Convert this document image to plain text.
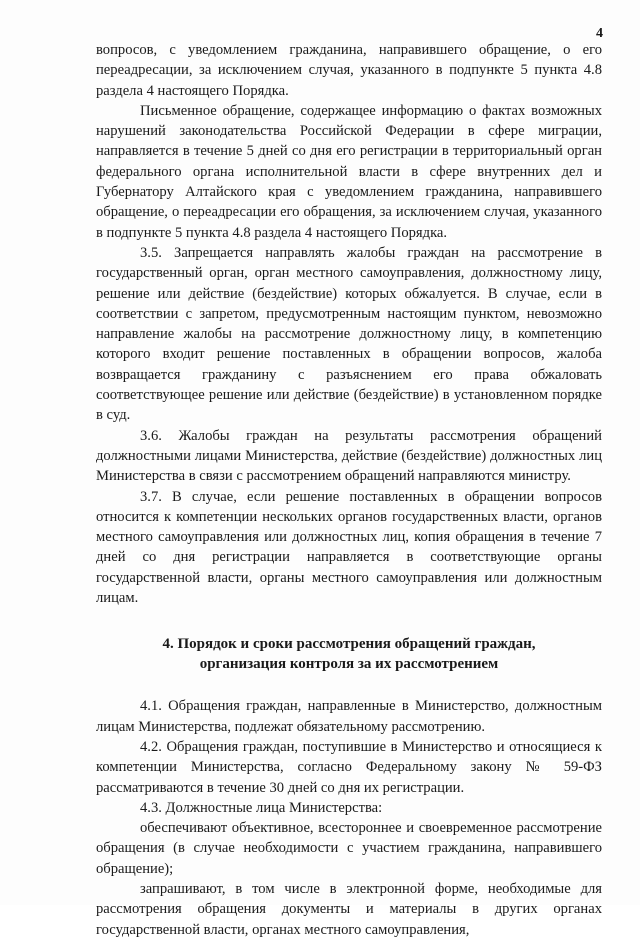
4

вопросов, с уведомлением гражданина, направившего обращение, о его переадресации, за исключением случая, указанного в подпункте 5 пункта 4.8 раздела 4 настоящего Порядка.

Письменное обращение, содержащее информацию о фактах возможных нарушений законодательства Российской Федерации в сфере миграции, направляется в течение 5 дней со дня его регистрации в территориальный орган федерального органа исполнительной власти в сфере внутренних дел и Губернатору Алтайского края с уведомлением гражданина, направившего обращение, о переадресации его обращения, за исключением случая, указанного в подпункте 5 пункта 4.8 раздела 4 настоящего Порядка.

3.5. Запрещается направлять жалобы граждан на рассмотрение в государственный орган, орган местного самоуправления, должностному лицу, решение или действие (бездействие) которых обжалуется. В случае, если в соответствии с запретом, предусмотренным настоящим пунктом, невозможно направление жалобы на рассмотрение должностному лицу, в компетенцию которого входит решение поставленных в обращении вопросов, жалоба возвращается гражданину с разъяснением его права обжаловать соответствующее решение или действие (бездействие) в установленном порядке в суд.

3.6. Жалобы граждан на результаты рассмотрения обращений должностными лицами Министерства, действие (бездействие) должностных лиц Министерства в связи с рассмотрением обращений направляются министру.

3.7. В случае, если решение поставленных в обращении вопросов относится к компетенции нескольких органов государственных власти, органов местного самоуправления или должностных лиц, копия обращения в течение 7 дней со дня регистрации направляется в соответствующие органы государственной власти, органы местного самоуправления или должностным лицам.

4. Порядок и сроки рассмотрения обращений граждан,
организация контроля за их рассмотрением

4.1. Обращения граждан, направленные в Министерство, должностным лицам Министерства, подлежат обязательному рассмотрению.

4.2. Обращения граждан, поступившие в Министерство и относящиеся к компетенции Министерства, согласно Федеральному закону № 59-ФЗ рассматриваются в течение 30 дней со дня их регистрации.

4.3. Должностные лица Министерства:

обеспечивают объективное, всестороннее и своевременное рассмотрение обращения (в случае необходимости с участием гражданина, направившего обращение);

запрашивают, в том числе в электронной форме, необходимые для рассмотрения обращения документы и материалы в других органах государственной власти, органах местного самоуправления,
